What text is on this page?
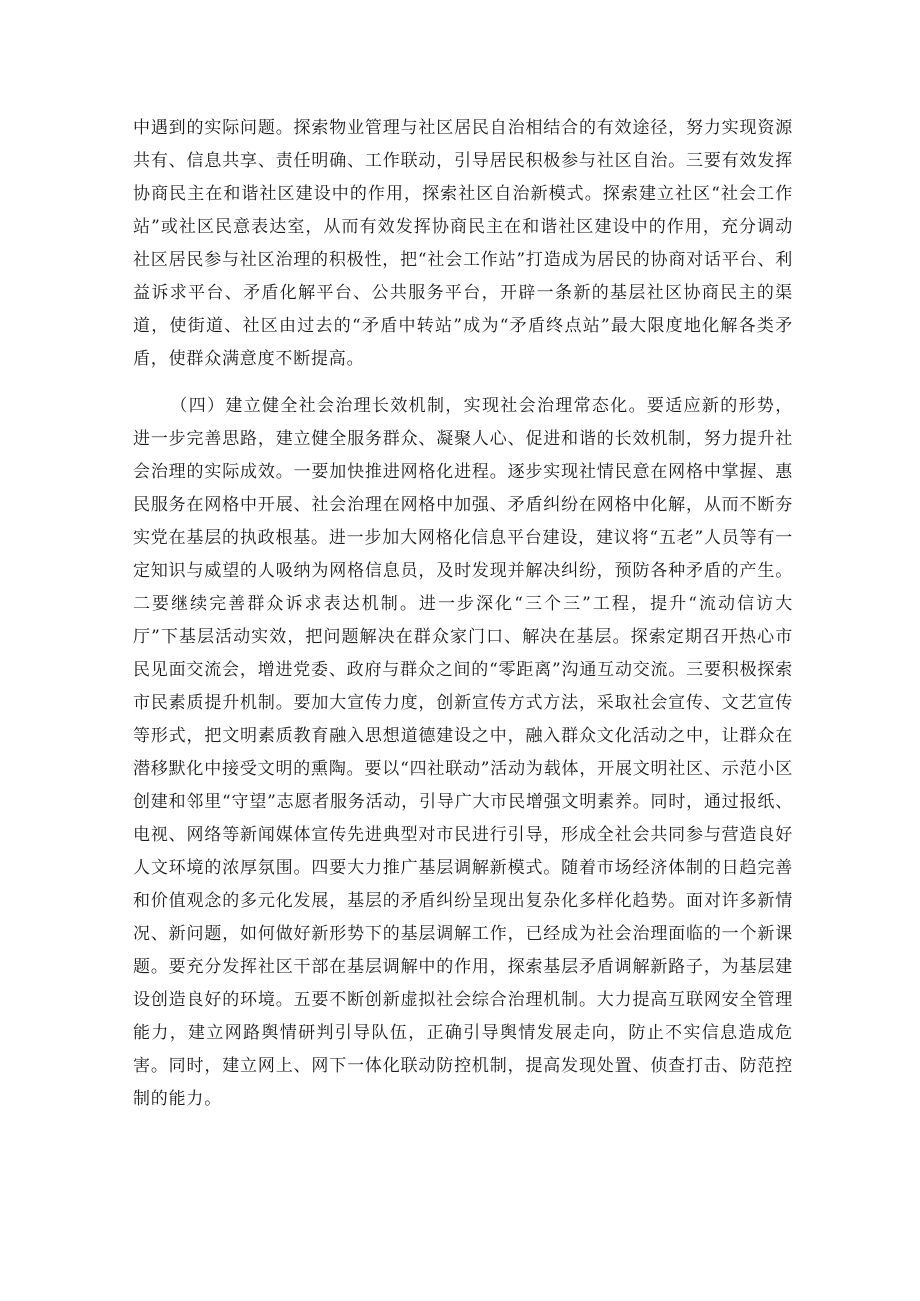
中遇到的实际问题。探索物业管理与社区居民自治相结合的有效途径，努力实现资源共有、信息共享、责任明确、工作联动，引导居民积极参与社区自治。三要有效发挥协商民主在和谐社区建设中的作用，探索社区自治新模式。探索建立社区“社会工作站”或社区民意表达室，从而有效发挥协商民主在和谐社区建设中的作用，充分调动社区居民参与社区治理的积极性，把“社会工作站”打造成为居民的协商对话平台、利益诉求平台、矛盾化解平台、公共服务平台，开辟一条新的基层社区协商民主的渠道，使街道、社区由过去的“矛盾中转站”成为“矛盾终点站”最大限度地化解各类矛盾，使群众满意度不断提高。

（四）建立健全社会治理长效机制，实现社会治理常态化。要适应新的形势，进一步完善思路，建立健全服务群众、凝聚人心、促进和谐的长效机制，努力提升社会治理的实际成效。一要加快推进网格化进程。逐步实现社情民意在网格中掌握、惠民服务在网格中开展、社会治理在网格中加强、矛盾纠纷在网格中化解，从而不断夯实党在基层的执政根基。进一步加大网格化信息平台建设，建议将“五老”人员等有一定知识与威望的人吸纳为网格信息员，及时发现并解决纠纷，预防各种矛盾的产生。二要继续完善群众诉求表达机制。进一步深化“三个三”工程，提升“流动信访大厅”下基层活动实效，把问题解决在群众家门口、解决在基层。探索定期召开热心市民见面交流会，增进党委、政府与群众之间的“零距离”沟通互动交流。三要积极探索市民素质提升机制。要加大宣传力度，创新宣传方式方法，采取社会宣传、文艺宣传等形式，把文明素质教育融入思想道德建设之中，融入群众文化活动之中，让群众在潜移默化中接受文明的熏陶。要以“四社联动”活动为载体，开展文明社区、示范小区创建和邻里“守望”志愿者服务活动，引导广大市民增强文明素养。同时，通过报纸、电视、网络等新闻媒体宣传先进典型对市民进行引导，形成全社会共同参与营造良好人文环境的浓厚氛围。四要大力推广基层调解新模式。随着市场经济体制的日趋完善和价值观念的多元化发展，基层的矛盾纠纷呈现出复杂化多样化趋势。面对许多新情况、新问题，如何做好新形势下的基层调解工作，已经成为社会治理面临的一个新课题。要充分发挥社区干部在基层调解中的作用，探索基层矛盾调解新路子，为基层建设创造良好的环境。五要不断创新虚拟社会综合治理机制。大力提高互联网安全管理能力，建立网路舆情研判引导队伍，正确引导舆情发展走向，防止不实信息造成危害。同时，建立网上、网下一体化联动防控机制，提高发现处置、侦查打击、防范控制的能力。
